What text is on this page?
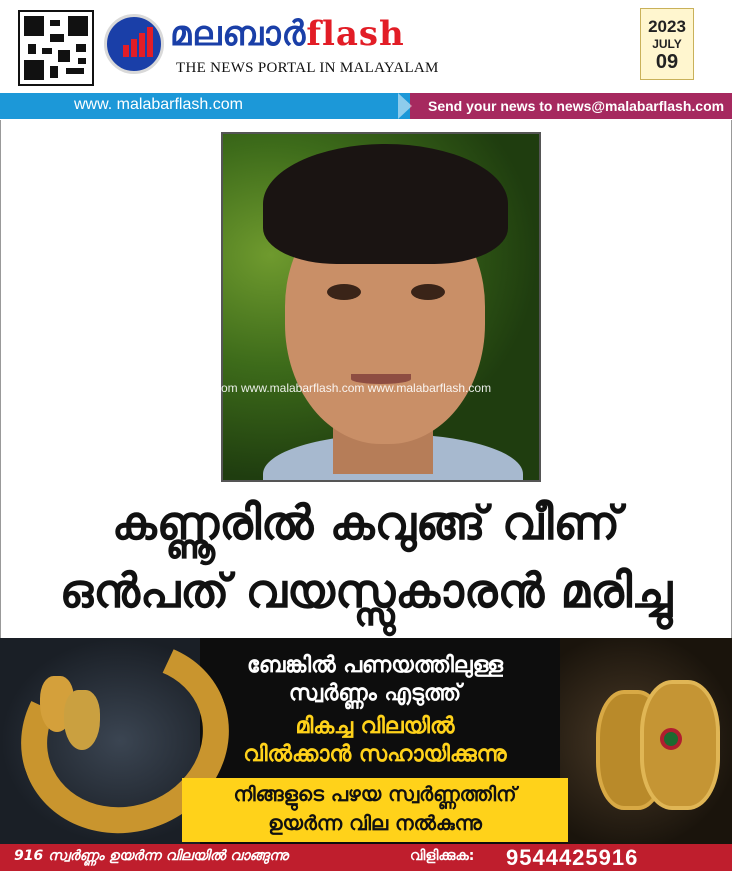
മലബാർflash
THE NEWS PORTAL IN MALAYALAM
2023
JULY
09
www. malabarflash.com	Send your news to news@malabarflash.com
om www.malabarflash.com www.malabarflash.com
കണ്ണൂരിൽ കവുങ്ങ് വീണ്
ഒൻപത് വയസ്സുകാരൻ മരിച്ചു
ബേങ്കിൽ പണയത്തിലുള്ള
സ്വർണ്ണം എടുത്ത്
മികച്ച വിലയിൽ
വിൽക്കാൻ സഹായിക്കുന്നു
നിങ്ങളുടെ പഴയ സ്വർണ്ണത്തിന്
ഉയർന്ന വില നൽകുന്നു
916 സ്വർണ്ണം ഉയർന്ന വിലയിൽ വാങ്ങുന്നു	വിളിക്കുക: 9544425916
